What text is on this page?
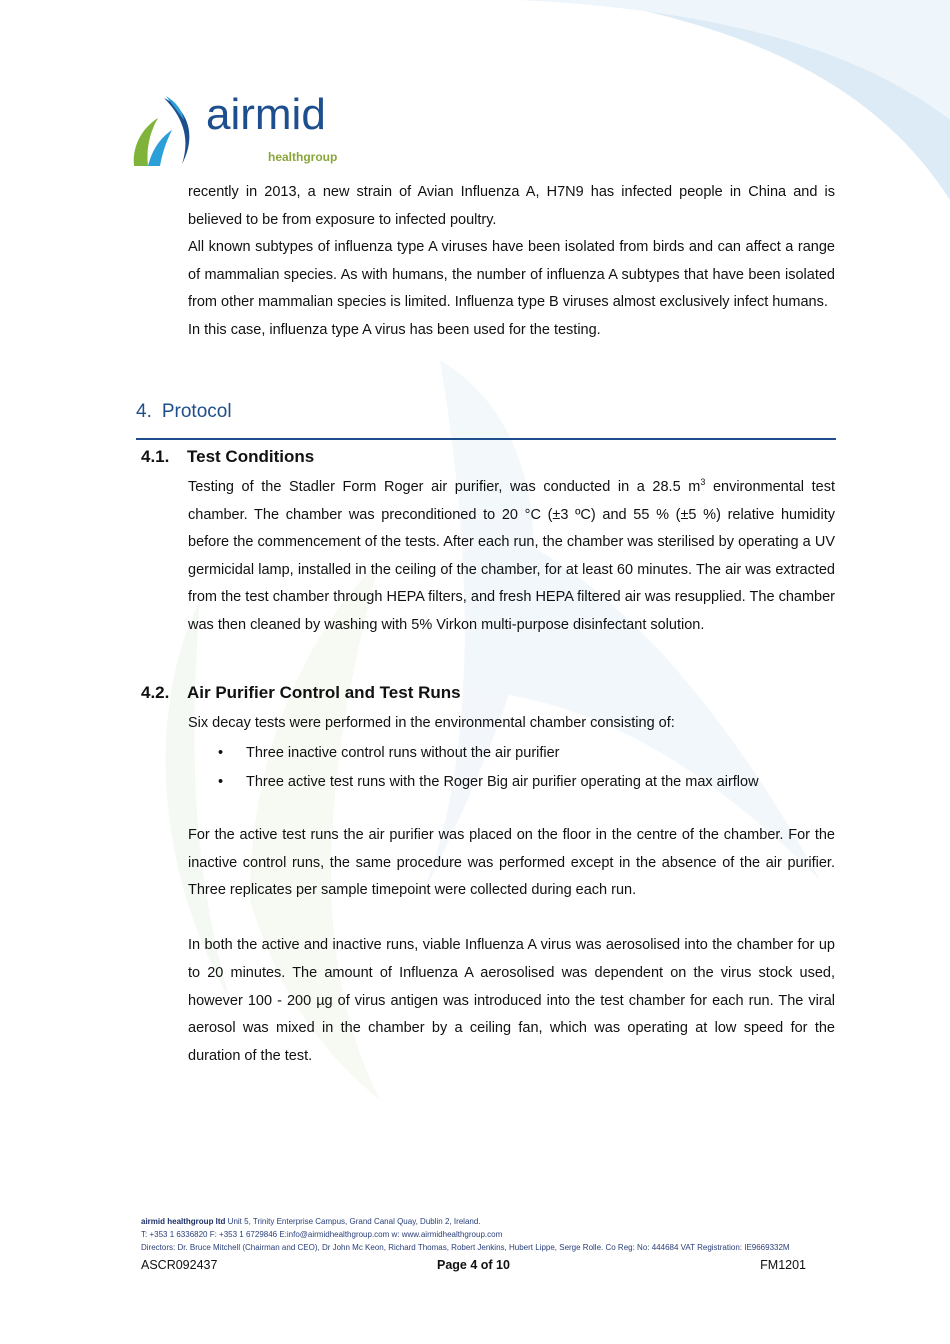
airmid
healthgroup

recently in 2013, a new strain of Avian Influenza A, H7N9 has infected people in China and is believed to be from exposure to infected poultry.

All known subtypes of influenza type A viruses have been isolated from birds and can affect a range of mammalian species. As with humans, the number of influenza A subtypes that have been isolated from other mammalian species is limited. Influenza type B viruses almost exclusively infect humans.

In this case, influenza type A virus has been used for the testing.

4. Protocol
4.1. Test Conditions

Testing of the Stadler Form Roger air purifier, was conducted in a 28.5 $m^3$ environmental test chamber. The chamber was preconditioned to 20 °C (±3 ºC) and 55 % (±5 %) relative humidity before the commencement of the tests. After each run, the chamber was sterilised by operating a UV germicidal lamp, installed in the ceiling of the chamber, for at least 60 minutes. The air was extracted from the test chamber through HEPA filters, and fresh HEPA filtered air was resupplied. The chamber was then cleaned by washing with 5% Virkon multi-purpose disinfectant solution.

4.2. Air Purifier Control and Test Runs

Six decay tests were performed in the environmental chamber consisting of:

• Three inactive control runs without the air purifier
• Three active test runs with the Roger Big air purifier operating at the max airflow

For the active test runs the air purifier was placed on the floor in the centre of the chamber. For the inactive control runs, the same procedure was performed except in the absence of the air purifier. Three replicates per sample timepoint were collected during each run.

In both the active and inactive runs, viable Influenza A virus was aerosolised into the chamber for up to 20 minutes. The amount of Influenza A aerosolised was dependent on the virus stock used, however 100 - 200 µg of virus antigen was introduced into the test chamber for each run. The viral aerosol was mixed in the chamber by a ceiling fan, which was operating at low speed for the duration of the test.

airmid healthgroup ltd Unit 5, Trinity Enterprise Campus, Grand Canal Quay, Dublin 2, Ireland.
T: +353 1 6336820 F: +353 1 6729846 E:info@airmidhealthgroup.com w: www.airmidhealthgroup.com
Directors: Dr. Bruce Mitchell (Chairman and CEO), Dr John Mc Keon, Richard Thomas, Robert Jenkins, Hubert Lippe, Serge Rolle. Co Reg: No: 444684 VAT Registration: IE9669332M
ASCR092437	Page 4 of 10	FM1201
